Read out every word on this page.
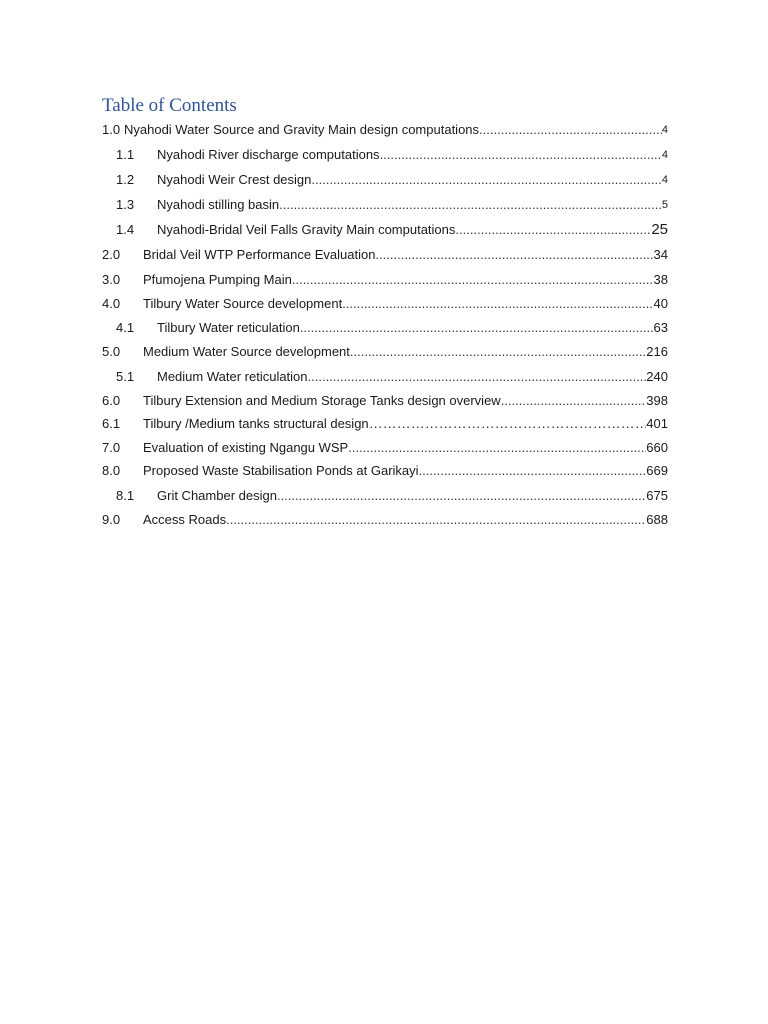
Table of Contents
1.0 Nyahodi Water Source and Gravity Main design computations .....	4
1.1	Nyahodi River discharge computations .....	4
1.2	Nyahodi Weir Crest design .....	4
1.3	Nyahodi stilling basin .....	5
1.4	Nyahodi-Bridal Veil Falls Gravity Main computations .....	25
2.0	Bridal Veil WTP Performance Evaluation .....	34
3.0	Pfumojena Pumping Main .....	38
4.0	Tilbury Water Source development .....	40
4.1	Tilbury Water reticulation .....	63
5.0	Medium Water Source development .....	216
5.1	Medium Water reticulation .....	240
6.0	Tilbury Extension and Medium Storage Tanks design overview .....	398
6.1	Tilbury /Medium tanks structural design …………………………………………………………………………………………………………………………………………………………………………………………	401
7.0	Evaluation of existing Ngangu WSP .....	660
8.0	Proposed Waste Stabilisation Ponds at Garikayi .....	669
8.1	Grit Chamber design .....	675
9.0	Access Roads .....	688
